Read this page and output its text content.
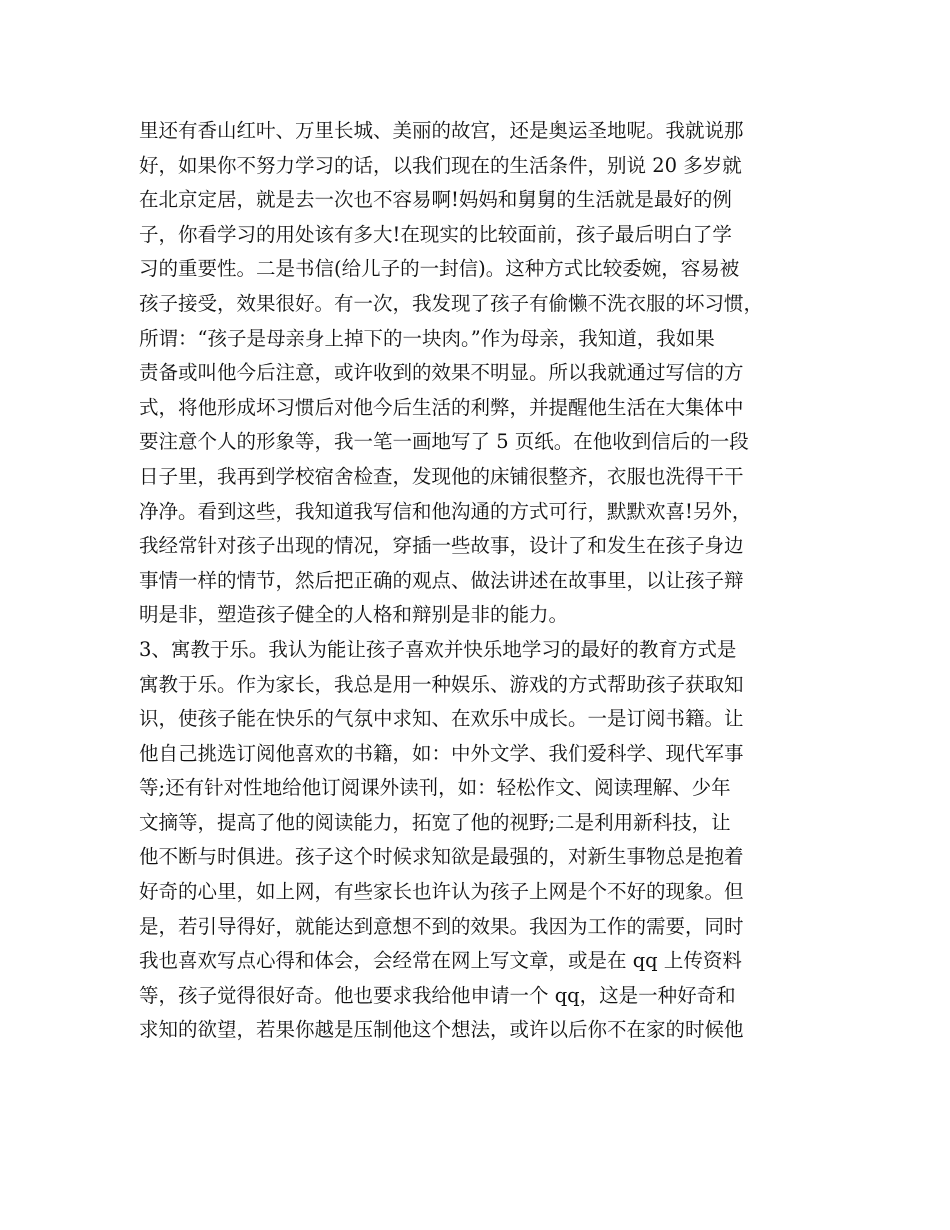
里还有香山红叶、万里长城、美丽的故宫，还是奥运圣地呢。我就说那
好，如果你不努力学习的话，以我们现在的生活条件，别说 20 多岁就
在北京定居，就是去一次也不容易啊!妈妈和舅舅的生活就是最好的例
子，你看学习的用处该有多大!在现实的比较面前，孩子最后明白了学
习的重要性。二是书信(给儿子的一封信)。这种方式比较委婉，容易被
孩子接受，效果很好。有一次，我发现了孩子有偷懒不洗衣服的坏习惯，
所谓：“孩子是母亲身上掉下的一块肉。”作为母亲，我知道，我如果
责备或叫他今后注意，或许收到的效果不明显。所以我就通过写信的方
式，将他形成坏习惯后对他今后生活的利弊，并提醒他生活在大集体中
要注意个人的形象等，我一笔一画地写了 5 页纸。在他收到信后的一段
日子里，我再到学校宿舍检查，发现他的床铺很整齐，衣服也洗得干干
净净。看到这些，我知道我写信和他沟通的方式可行，默默欢喜!另外，
我经常针对孩子出现的情况，穿插一些故事，设计了和发生在孩子身边
事情一样的情节，然后把正确的观点、做法讲述在故事里，以让孩子辩
明是非，塑造孩子健全的人格和辩别是非的能力。
3、寓教于乐。我认为能让孩子喜欢并快乐地学习的最好的教育方式是
寓教于乐。作为家长，我总是用一种娱乐、游戏的方式帮助孩子获取知
识，使孩子能在快乐的气氛中求知、在欢乐中成长。一是订阅书籍。让
他自己挑选订阅他喜欢的书籍，如：中外文学、我们爱科学、现代军事
等;还有针对性地给他订阅课外读刊，如：轻松作文、阅读理解、少年
文摘等，提高了他的阅读能力，拓宽了他的视野;二是利用新科技，让
他不断与时俱进。孩子这个时候求知欲是最强的，对新生事物总是抱着
好奇的心里，如上网，有些家长也许认为孩子上网是个不好的现象。但
是，若引导得好，就能达到意想不到的效果。我因为工作的需要，同时
我也喜欢写点心得和体会，会经常在网上写文章，或是在 qq 上传资料
等，孩子觉得很好奇。他也要求我给他申请一个 qq，这是一种好奇和
求知的欲望，若果你越是压制他这个想法，或许以后你不在家的时候他
